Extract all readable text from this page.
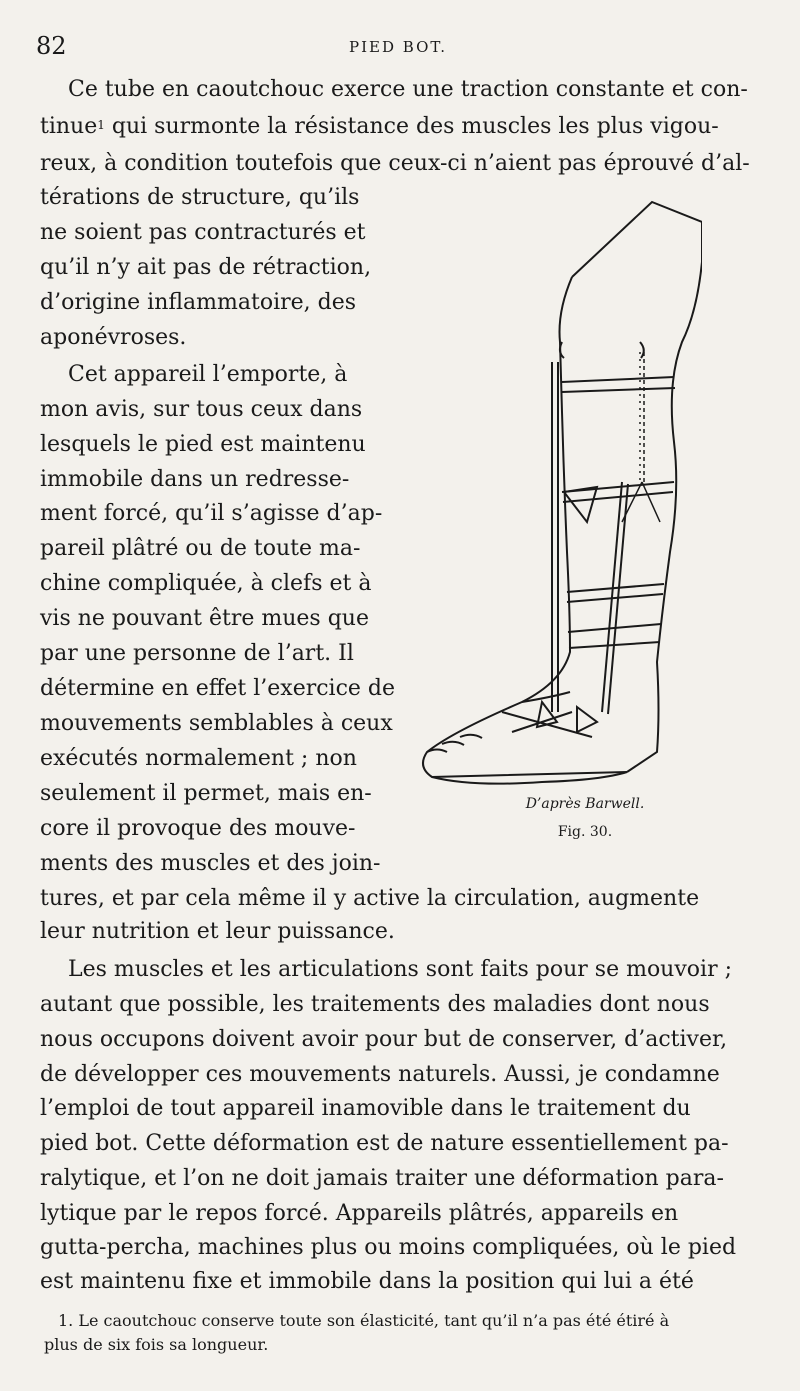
82	PIED BOT.
Ce tube en caoutchouc exerce une traction constante et con-
tinue$^1$ qui surmonte la résistance des muscles les plus vigou-
reux, à condition toutefois que ceux-ci n’aient pas éprouvé d’al-
térations de structure, qu’ils
ne soient pas contracturés et
qu’il n’y ait pas de rétraction,
d’origine inflammatoire, des
aponévroses.
Cet appareil l’emporte, à
mon avis, sur tous ceux dans
lesquels le pied est maintenu
immobile dans un redresse-
ment forcé, qu’il s’agisse d’ap-
pareil plâtré ou de toute ma-
chine compliquée, à clefs et à
vis ne pouvant être mues que
par une personne de l’art. Il
détermine en effet l’exercice de
mouvements semblables à ceux
exécutés normalement ; non
seulement il permet, mais en-
core il provoque des mouve-
ments des muscles et des join-
tures, et par cela même il y active la circulation, augmente
leur nutrition et leur puissance.
Les muscles et les articulations sont faits pour se mouvoir ;
autant que possible, les traitements des maladies dont nous
nous occupons doivent avoir pour but de conserver, d’activer,
de développer ces mouvements naturels. Aussi, je condamne
l’emploi de tout appareil inamovible dans le traitement du
pied bot. Cette déformation est de nature essentiellement pa-
ralytique, et l’on ne doit jamais traiter une déformation para-
lytique par le repos forcé. Appareils plâtrés, appareils en
gutta-percha, machines plus ou moins compliquées, où le pied
est maintenu fixe et immobile dans la position qui lui a été
D’après Barwell.
Fig. 30.
1. Le caoutchouc conserve toute son élasticité, tant qu’il n’a pas été étiré à
plus de six fois sa longueur.
